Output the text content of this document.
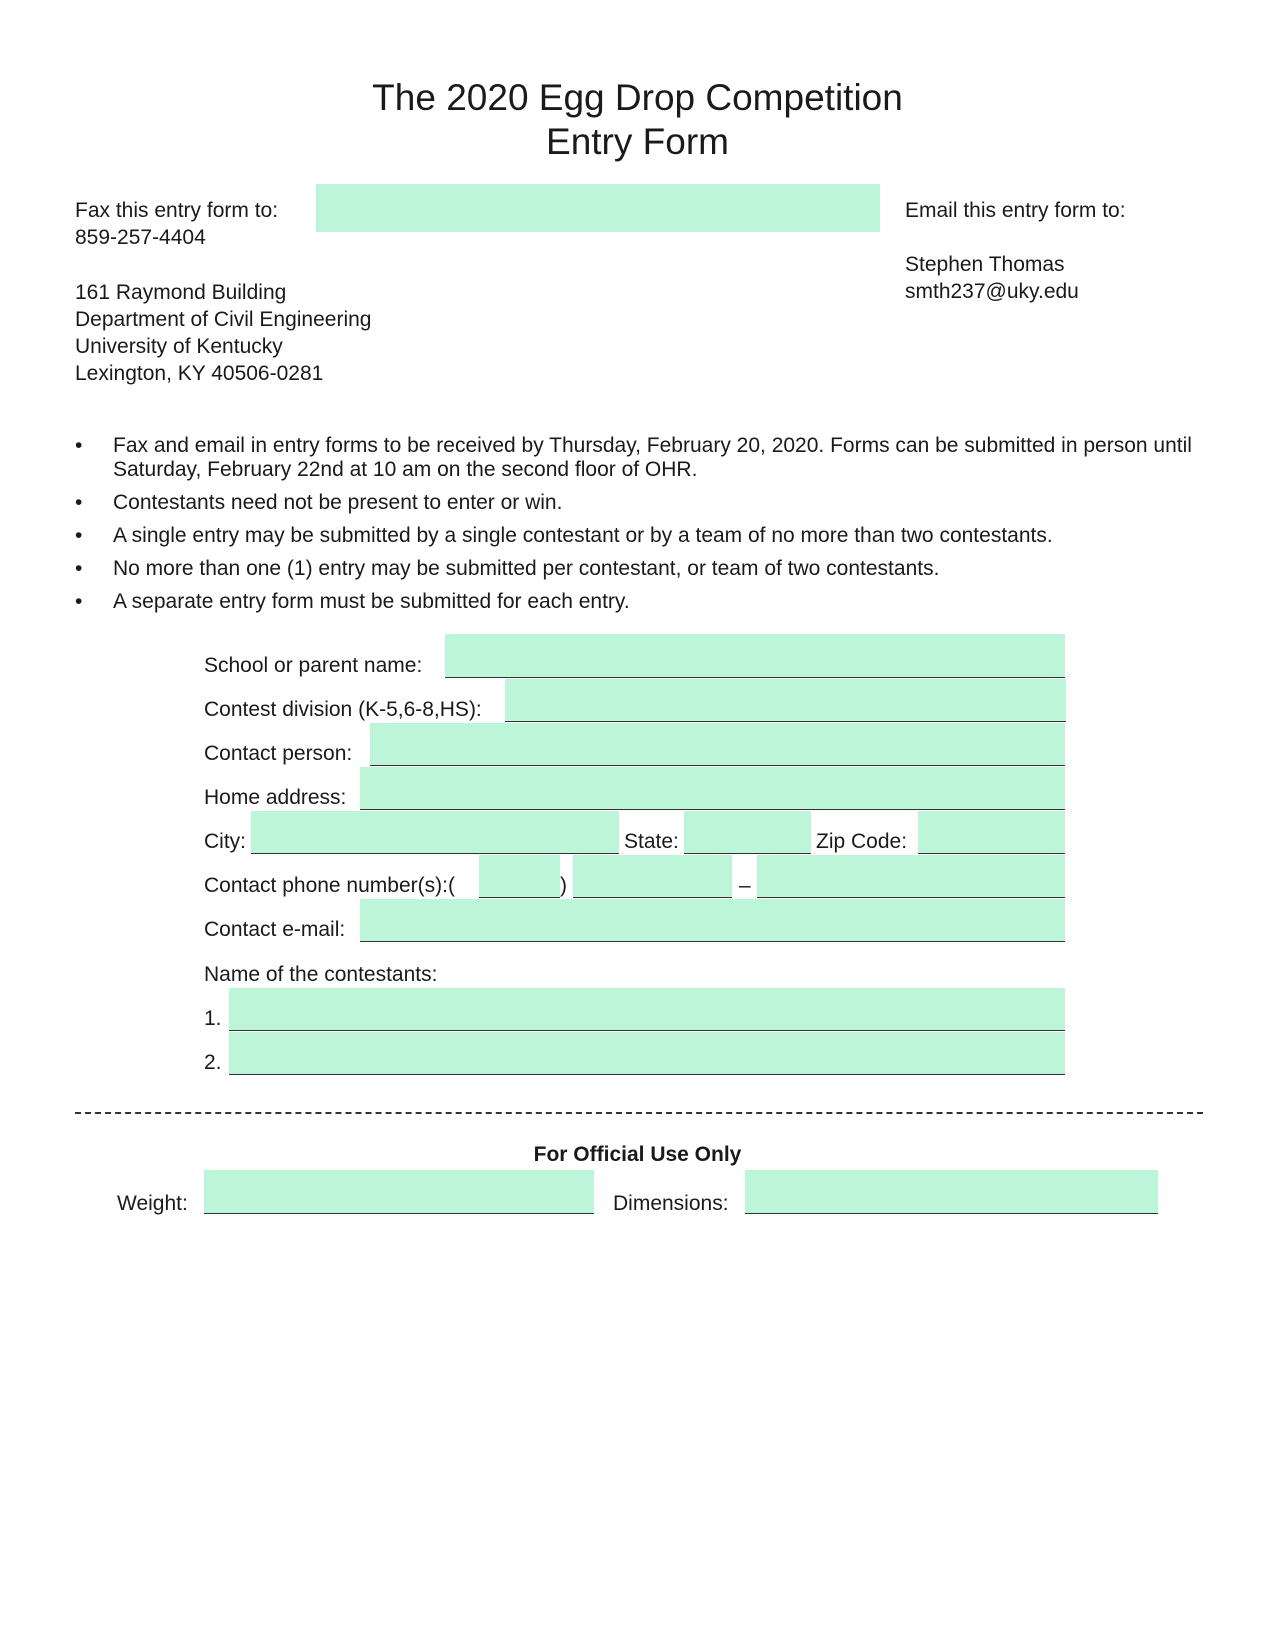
The 2020 Egg Drop Competition
Entry Form
Fax this entry form to:
859-257-4404
161 Raymond Building
Department of Civil Engineering
University of Kentucky
Lexington, KY 40506-0281
Email this entry form to:
Stephen Thomas
smth237@uky.edu
• Fax and email in entry forms to be received by Thursday, February 20, 2020. Forms can be submitted in person until Saturday, February 22nd at 10 am on the second floor of OHR.
• Contestants need not be present to enter or win.
• A single entry may be submitted by a single contestant or by a team of no more than two contestants.
• No more than one (1) entry may be submitted per contestant, or team of two contestants.
• A separate entry form must be submitted for each entry.
School or parent name:
Contest division (K-5,6-8,HS):
Contact person:
Home address:
City:	State:	Zip Code:
Contact phone number(s):(	)	–
Contact e-mail:
Name of the contestants:
1.
2.
For Official Use Only
Weight:	Dimensions:
